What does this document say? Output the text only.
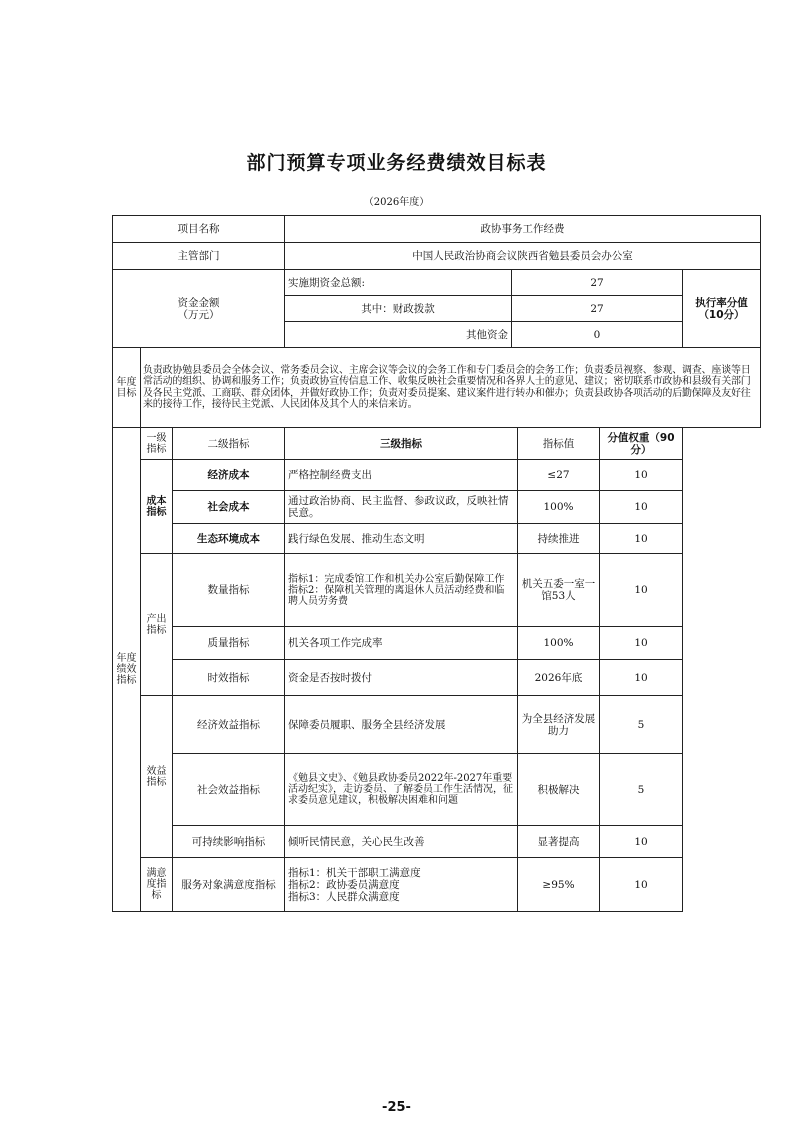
部门预算专项业务经费绩效目标表
（2026年度）
项目名称			政协事务工作经费				
主管部门			中国人民政治协商会议陕西省勉县委员会办公室				

资金金额
（万元）			实施期资金总额:	27			执行率分值（10分）
			其中：财政拨款	27			
			其他资金	0			
年度目标	负责政协勉县委员会全体会议、常务委员会议、主席会议等会议的会务工作和专门委员会的会务工作；负责委员视察、参观、调查、座谈等日常活动的组织、协调和服务工作；负责政协宣传信息工作、收集反映社会重要情况和各界人士的意见、建议；密切联系市政协和县级有关部门及各民主党派、工商联、群众团体，并做好政协工作；负责对委员提案、建议案件进行转办和催办；负责县政协各项活动的后勤保障及友好往来的接待工作，接待民主党派、人民团体及其个人的来信来访。						
年度绩效指标	一级指标	二级指标	三级指标		指标值	分值权重（90分）	
	成本指标	经济成本	严格控制经费支出		≤27	10	
		社会成本	通过政治协商、民主监督、参政议政，反映社情民意。		100%	10	
		生态环境成本	践行绿色发展、推动生态文明		持续推进	10	
	产出指标	数量指标	指标1：完成委馆工作和机关办公室后勤保障工作
指标2：保障机关管理的离退休人员活动经费和临聘人员劳务费		机关五委一室一馆53人	10	
		质量指标	机关各项工作完成率		100%	10	
		时效指标	资金是否按时拨付		2026年底	10	
	效益指标	经济效益指标	保障委员履职、服务全县经济发展		为全县经济发展助力	5	
		社会效益指标	《勉县文史》、《勉县政协委员2022年-2027年重要活动纪实》，走访委员、了解委员工作生活情况，征求委员意见建议，积极解决困难和问题		积极解决	5	
		可持续影响指标	倾听民情民意，关心民生改善		显著提高	10	
	满意度指标	服务对象满意度指标	指标1：机关干部职工满意度
指标2：政协委员满意度
指标3：人民群众满意度		≥95%	10	
-25-
